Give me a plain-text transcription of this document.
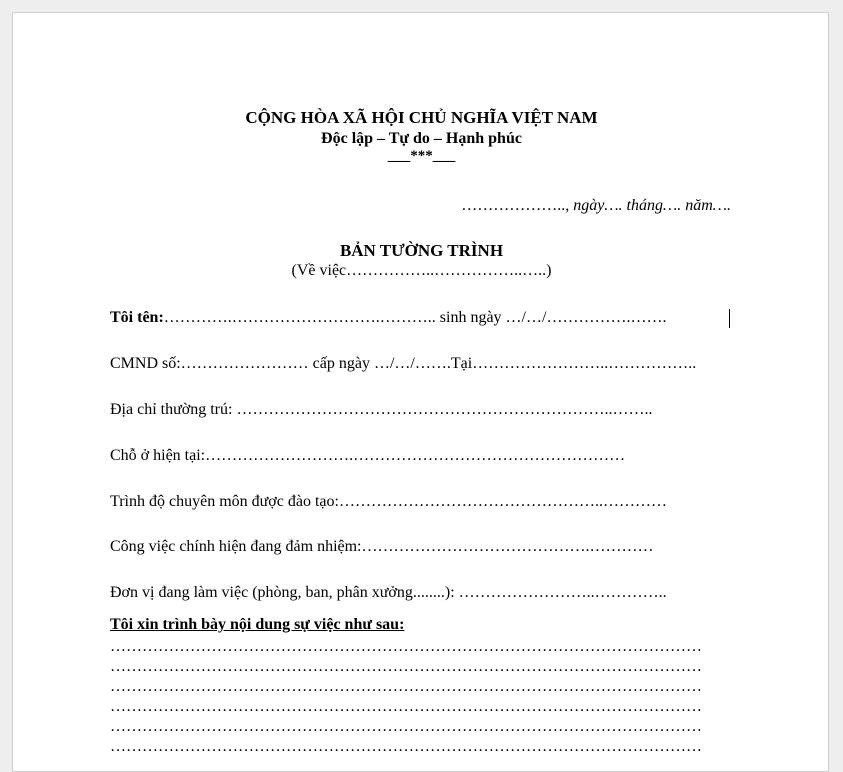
CỘNG HÒA XÃ HỘI CHỦ NGHĨA VIỆT NAM
Độc lập – Tự do – Hạnh phúc
___***___
……………….., ngày…. tháng…. năm….
BẢN TƯỜNG TRÌNH
(Về việc……………..……………..…..)
Tôi tên:………….……………………….……….. sinh ngày …/…/…………….…….
CMND số:…………………… cấp ngày …/…/…….Tại……………………..……………..
Địa chỉ thường trú: ……………………………………………………………..……..
Chỗ ở hiện tại:……………………….……………………………………………
Trình độ chuyên môn được đào tạo:…………………………………………..…………
Công việc chính hiện đang đảm nhiệm:…………………………………….…………
Đơn vị đang làm việc (phòng, ban, phân xưởng........): ……………………..…………..
Tôi xin trình bày nội dung sự việc như sau:
…………………………………………………………………………………………………
…………………………………………………………………………………………………
…………………………………………………………………………………………………
…………………………………………………………………………………………………
…………………………………………………………………………………………………
…………………………………………………………………………………………………
